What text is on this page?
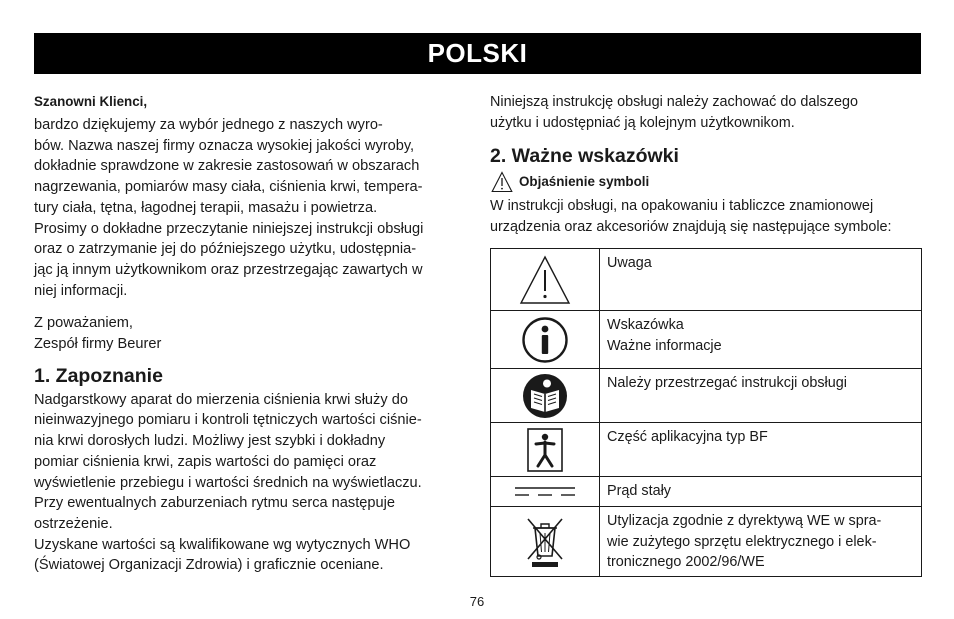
POLSKI
Szanowni Klienci,
bardzo dziękujemy za wybór jednego z naszych wyro-
bów. Nazwa naszej firmy oznacza wysokiej jakości wyroby,
dokładnie sprawdzone w zakresie zastosowań w obszarach
nagrzewania, pomiarów masy ciała, ciśnienia krwi, tempera-
tury ciała, tętna, łagodnej terapii, masażu i powietrza.
Prosimy o dokładne przeczytanie niniejszej instrukcji obsługi
oraz o zatrzymanie jej do późniejszego użytku, udostępnia-
jąc ją innym użytkownikom oraz przestrzegając zawartych w
niej informacji.
Z poważaniem,
Zespół firmy Beurer
1. Zapoznanie
Nadgarstkowy aparat do mierzenia ciśnienia krwi służy do
nieinwazyjnego pomiaru i kontroli tętniczych wartości ciśnie-
nia krwi dorosłych ludzi. Możliwy jest szybki i dokładny
pomiar ciśnienia krwi, zapis wartości do pamięci oraz
wyświetlenie przebiegu i wartości średnich na wyświetlaczu.
Przy ewentualnych zaburzeniach rytmu serca następuje
ostrzeżenie.
Uzyskane wartości są kwalifikowane wg wytycznych WHO
(Światowej Organizacji Zdrowia) i graficznie oceniane.
Niniejszą instrukcję obsługi należy zachować do dalszego
użytku i udostępniać ją kolejnym użytkownikom.
2. Ważne wskazówki
Objaśnienie symboli
W instrukcji obsługi, na opakowaniu i tabliczce znamionowej
urządzenia oraz akcesoriów znajdują się następujące symbole:

Uwaga

Wskazówka
Ważne informacje

Należy przestrzegać instrukcji obsługi

Część aplikacyjna typ BF

Prąd stały

Utylizacja zgodnie z dyrektywą WE w spra-
wie zużytego sprzętu elektrycznego i elek-
tronicznego 2002/96/WE
76
